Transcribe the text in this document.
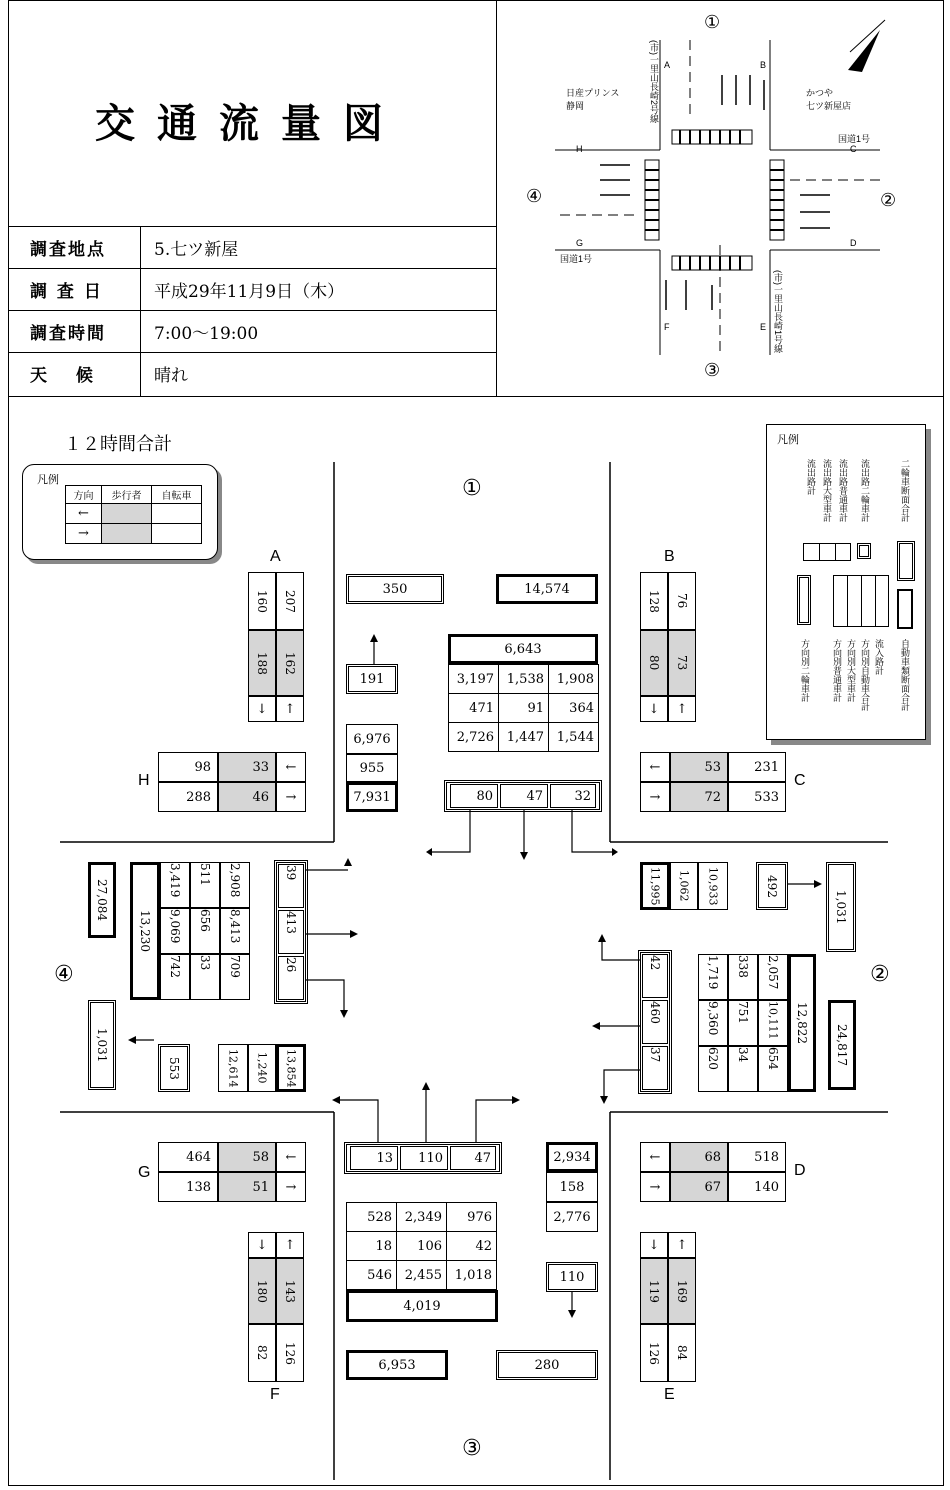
交通流量図
調査地点	5.七ツ新屋
調 査 日	平成29年11月9日（木）
調査時間	7:00〜19:00
天　 候	晴れ
①
②
③
④
日産プリンス
静岡
かつや
七ツ新屋店
国道1号
国道1号
(市)一里山長崎2号線
(市)一里山長崎1号線
A	B
C
D
E
F
G
H
１２時間合計
凡例
方向	歩行者	自転車
←		
→		
凡例
流出路計 流出路大型車計 流出路普通車計 流出路二輪車計	二輪車断面合計
方向別二輪車計 方向別普通車計 方向別大型車計 方向別自動車合計 流入路計 自動車類断面合計
①
②
③
④
A
160	207
188	162
↓	↑
B
128	76
80	73
↓	↑
←	53	231
→	72	533
C
H
98	33	←
288	46	→
G
464	58	←
138	51	→
←	68	518
→	67	140
D
↓	↑
180	143
82	126
F
↓	↑
119	169
126	84
E
350	14,574
191
6,643
3,197	1,538	1,908
471	91	364
2,726	1,447	1,544
6,976
955
7,931	80	47	32
13	110	47	2,934
158
2,776
528	2,349	976
18	106	42
546	2,455	1,018
4,019
110
6,953	280
27,084
13,230
3,419	511	2,908
9,069	656	8,413
742	33	709
39
413
26
1,031
553	12,614	1,240	13,854
11,995	1,062	10,933	492
1,031
42
460
37
1,719	338	2,057
9,360	751	10,111
620	34	654
12,822
24,817
